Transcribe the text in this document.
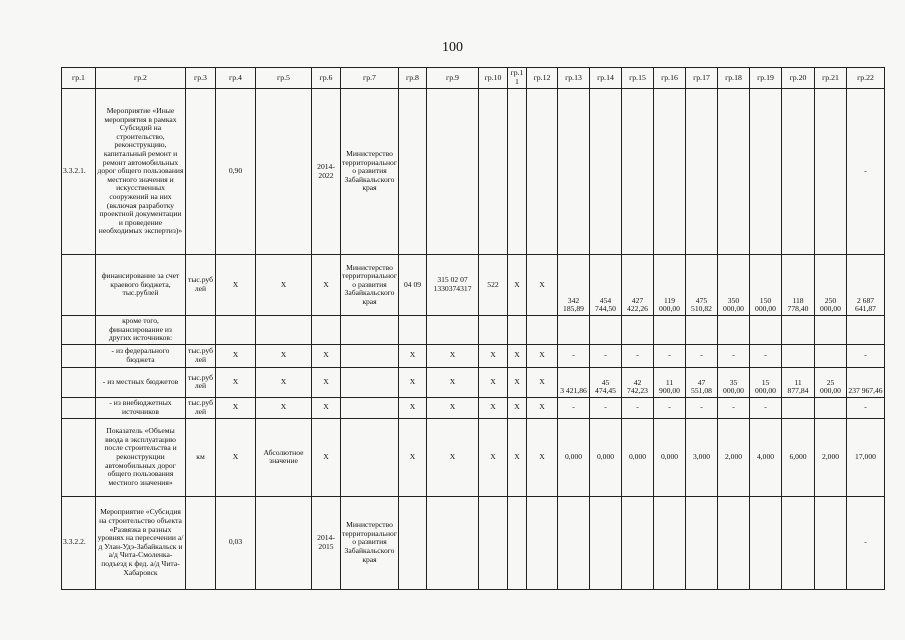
100
гр.1	гр.2	гр.3	гр.4	гр.5	гр.6	гр.7	гр.8	гр.9	гр.10	гр.11	гр.12	гр.13	гр.14	гр.15	гр.16	гр.17	гр.18	гр.19	гр.20	гр.21	гр.22
3.3.2.1.	Мероприятие «Иные мероприятия в рамках Субсидий на строительство, реконструкцию, капитальный ремонт и ремонт автомобильных дорог общего пользования местного значения и искусственных сооружений на них (включая разработку проектной документации и проведение необходимых экспертиз)»		0,90		2014-2022	Министерство территориального развития Забайкальского края															-
	финансирование за счет краевого бюджета, тыс.рублей	тыс.рублей	Х	Х	Х	Министерство территориального развития Забайкальского края	04 09	315 02 07 1330374317	522	Х	Х	342 185,89	454 744,50	427 422,26	119 000,00	475 510,82	350 000,00	150 000,00	118 778,40	250 000,00	2 687 641,87
	кроме того, финансирование из других источников:																				
	- из федерального бюджета	тыс.рублей	Х	Х	Х		Х	Х	Х	Х	Х	-	-	-	-	-	-	-			-
	- из местных бюджетов	тыс.рублей	Х	Х	Х		Х	Х	Х	Х	Х	3 421,86	45 474,45	42 742,23	11 900,00	47 551,08	35 000,00	15 000,00	11 877,84	25 000,00	237 967,46
	- из внебюджетных источников	тыс.рублей	Х	Х	Х		Х	Х	Х	Х	Х	-	-	-	-	-	-	-			-
	Показатель «Объемы ввода в эксплуатацию после строительства и реконструкции автомобильных дорог общего пользования местного значения»	км	Х	Абсолютное значение	Х		Х	Х	Х	Х	Х	0,000	0,000	0,000	0,000	3,000	2,000	4,000	6,000	2,000	17,000
3.3.2.2.	Мероприятие «Субсидия на строительство объекта «Развязка в разных уровнях на пересечении а/д Улан-Удэ-Забайкальск и а/д Чита-Смоленка-подъезд к фед. а/д Чита-Хабаровск		0,03		2014-2015	Министерство территориального развития Забайкальского края															-
